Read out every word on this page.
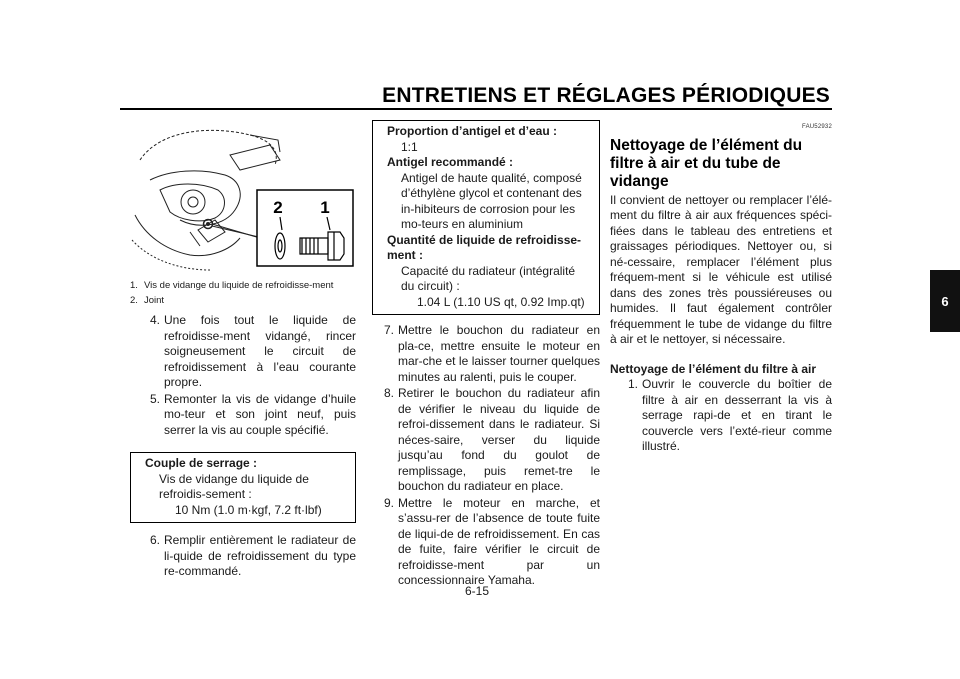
ENTRETIENS ET RÉGLAGES PÉRIODIQUES
6
2 1
1. Vis de vidange du liquide de refroidisse-ment
2. Joint
4. Une fois tout le liquide de refroidisse-ment vidangé, rincer soigneusement le circuit de refroidissement à l’eau courante propre.
5. Remonter la vis de vidange d’huile mo-teur et son joint neuf, puis serrer la vis au couple spécifié.
Couple de serrage :
Vis de vidange du liquide de refroidis-sement :
10 Nm (1.0 m·kgf, 7.2 ft·lbf)
6. Remplir entièrement le radiateur de li-quide de refroidissement du type re-commandé.
Proportion d’antigel et d’eau :
1:1
Antigel recommandé :
Antigel de haute qualité, composé d’éthylène glycol et contenant des in-hibiteurs de corrosion pour les mo-teurs en aluminium
Quantité de liquide de refroidisse-ment :
Capacité du radiateur (intégralité du circuit) :
1.04 L (1.10 US qt, 0.92 Imp.qt)
7. Mettre le bouchon du radiateur en pla-ce, mettre ensuite le moteur en mar-che et le laisser tourner quelques minutes au ralenti, puis le couper.
8. Retirer le bouchon du radiateur afin de vérifier le niveau du liquide de refroi-dissement dans le radiateur. Si néces-saire, verser du liquide jusqu’au fond du goulot de remplissage, puis remet-tre le bouchon du radiateur en place.
9. Mettre le moteur en marche, et s’assu-rer de l’absence de toute fuite de liqui-de de refroidissement. En cas de fuite, faire vérifier le circuit de refroidisse-ment par un concessionnaire Yamaha.
FAU52932
Nettoyage de l’élément du filtre à air et du tube de vidange
Il convient de nettoyer ou remplacer l’élé-ment du filtre à air aux fréquences spéci-fiées dans le tableau des entretiens et graissages périodiques. Nettoyer ou, si né-cessaire, remplacer l’élément plus fréquem-ment si le véhicule est utilisé dans des zones très poussiéreuses ou humides. Il faut également contrôler fréquemment le tube de vidange du filtre à air et le nettoyer, si nécessaire.
Nettoyage de l’élément du filtre à air
1. Ouvrir le couvercle du boîtier de filtre à air en desserrant la vis à serrage rapi-de et en tirant le couvercle vers l’exté-rieur comme illustré.
6-15
